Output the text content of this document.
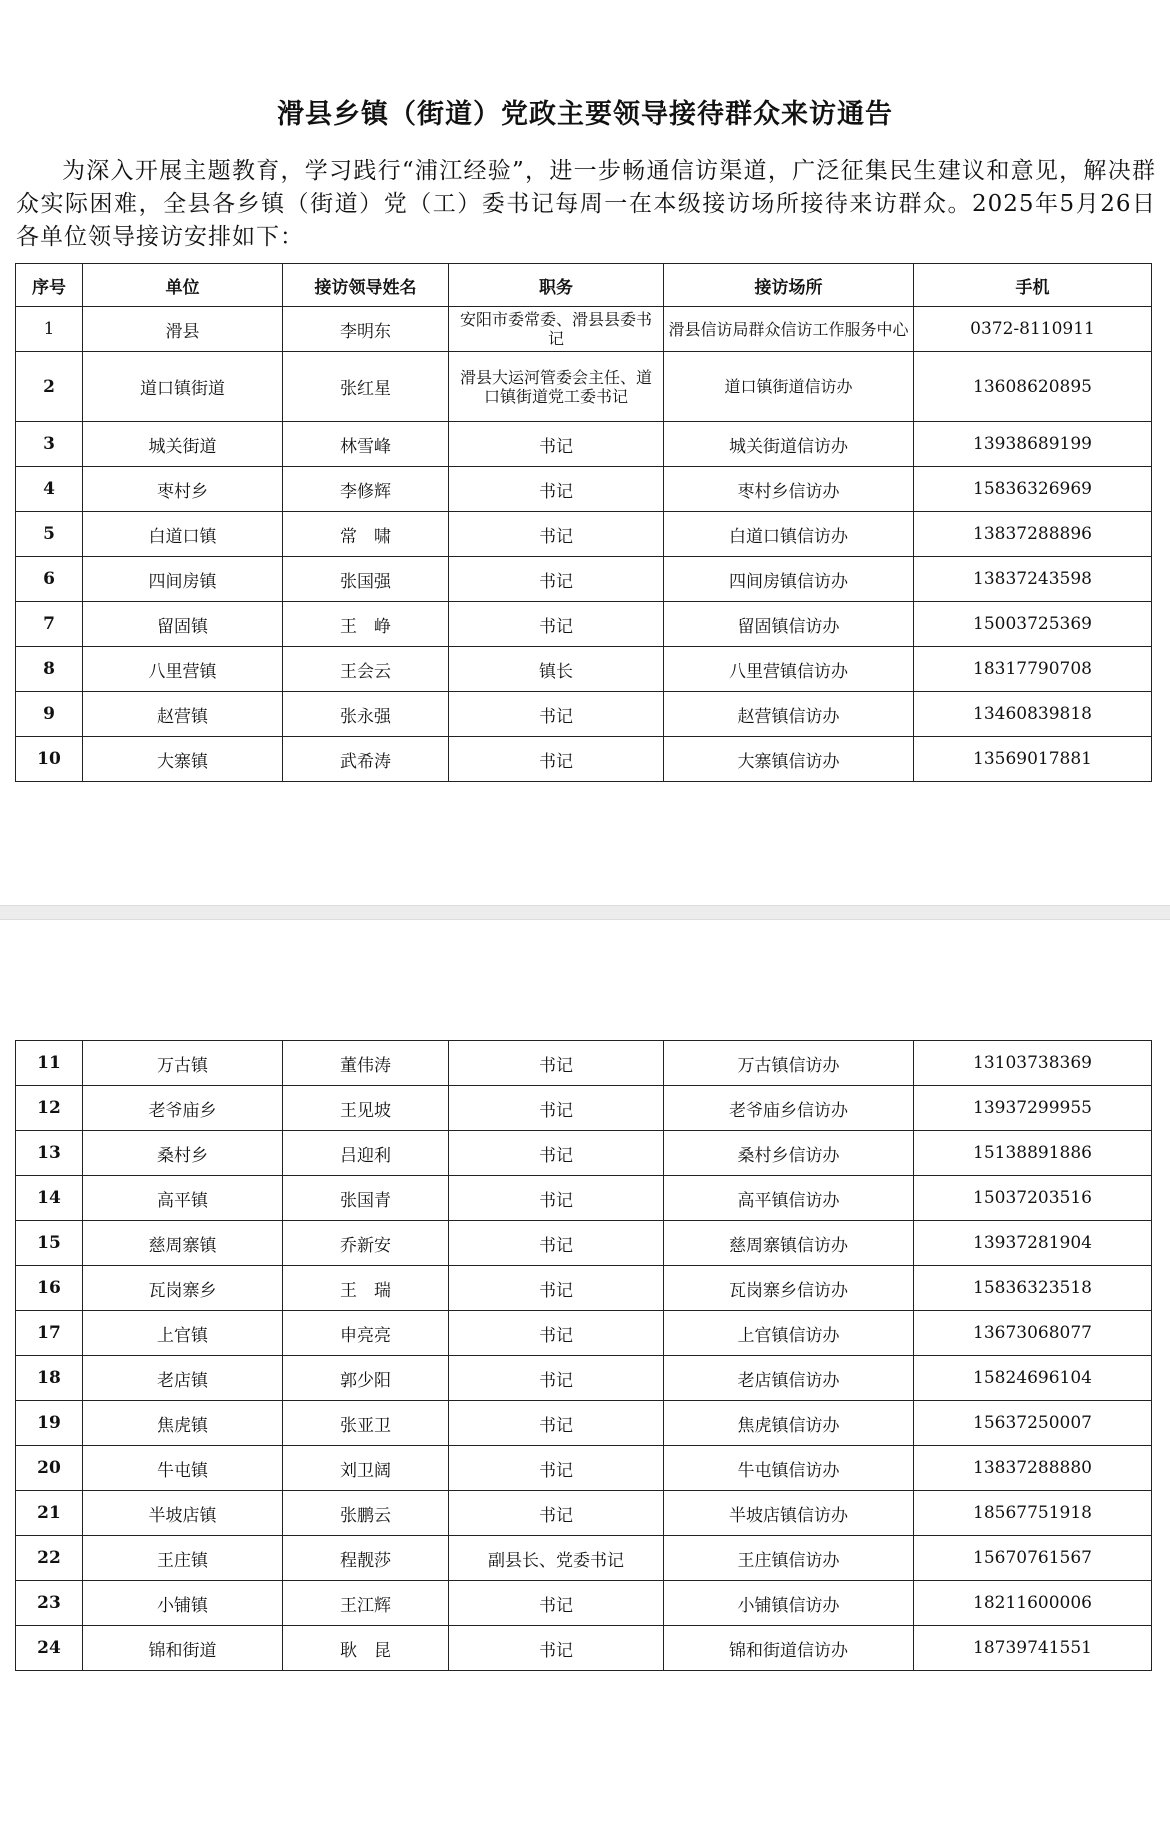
滑县乡镇（街道）党政主要领导接待群众来访通告
为深入开展主题教育，学习践行“浦江经验”，进一步畅通信访渠道，广泛征集民生建议和意见，解决群众实际困难，全县各乡镇（街道）党（工）委书记每周一在本级接访场所接待来访群众。2025年5月26日各单位领导接访安排如下：
序号	单位	接访领导姓名	职务	接访场所	手机
1	滑县	李明东	安阳市委常委、滑县县委书记	滑县信访局群众信访工作服务中心	0372-8110911
2	道口镇街道	张红星	滑县大运河管委会主任、道口镇街道党工委书记	道口镇街道信访办	13608620895
3	城关街道	林雪峰	书记	城关街道信访办	13938689199
4	枣村乡	李修辉	书记	枣村乡信访办	15836326969
5	白道口镇	常　啸	书记	白道口镇信访办	13837288896
6	四间房镇	张国强	书记	四间房镇信访办	13837243598
7	留固镇	王　峥	书记	留固镇信访办	15003725369
8	八里营镇	王会云	镇长	八里营镇信访办	18317790708
9	赵营镇	张永强	书记	赵营镇信访办	13460839818
10	大寨镇	武希涛	书记	大寨镇信访办	13569017881
11	万古镇	董伟涛	书记	万古镇信访办	13103738369
12	老爷庙乡	王见坡	书记	老爷庙乡信访办	13937299955
13	桑村乡	吕迎利	书记	桑村乡信访办	15138891886
14	高平镇	张国青	书记	高平镇信访办	15037203516
15	慈周寨镇	乔新安	书记	慈周寨镇信访办	13937281904
16	瓦岗寨乡	王　瑞	书记	瓦岗寨乡信访办	15836323518
17	上官镇	申亮亮	书记	上官镇信访办	13673068077
18	老店镇	郭少阳	书记	老店镇信访办	15824696104
19	焦虎镇	张亚卫	书记	焦虎镇信访办	15637250007
20	牛屯镇	刘卫阔	书记	牛屯镇信访办	13837288880
21	半坡店镇	张鹏云	书记	半坡店镇信访办	18567751918
22	王庄镇	程靓莎	副县长、党委书记	王庄镇信访办	15670761567
23	小铺镇	王江辉	书记	小铺镇信访办	18211600006
24	锦和街道	耿　昆	书记	锦和街道信访办	18739741551
